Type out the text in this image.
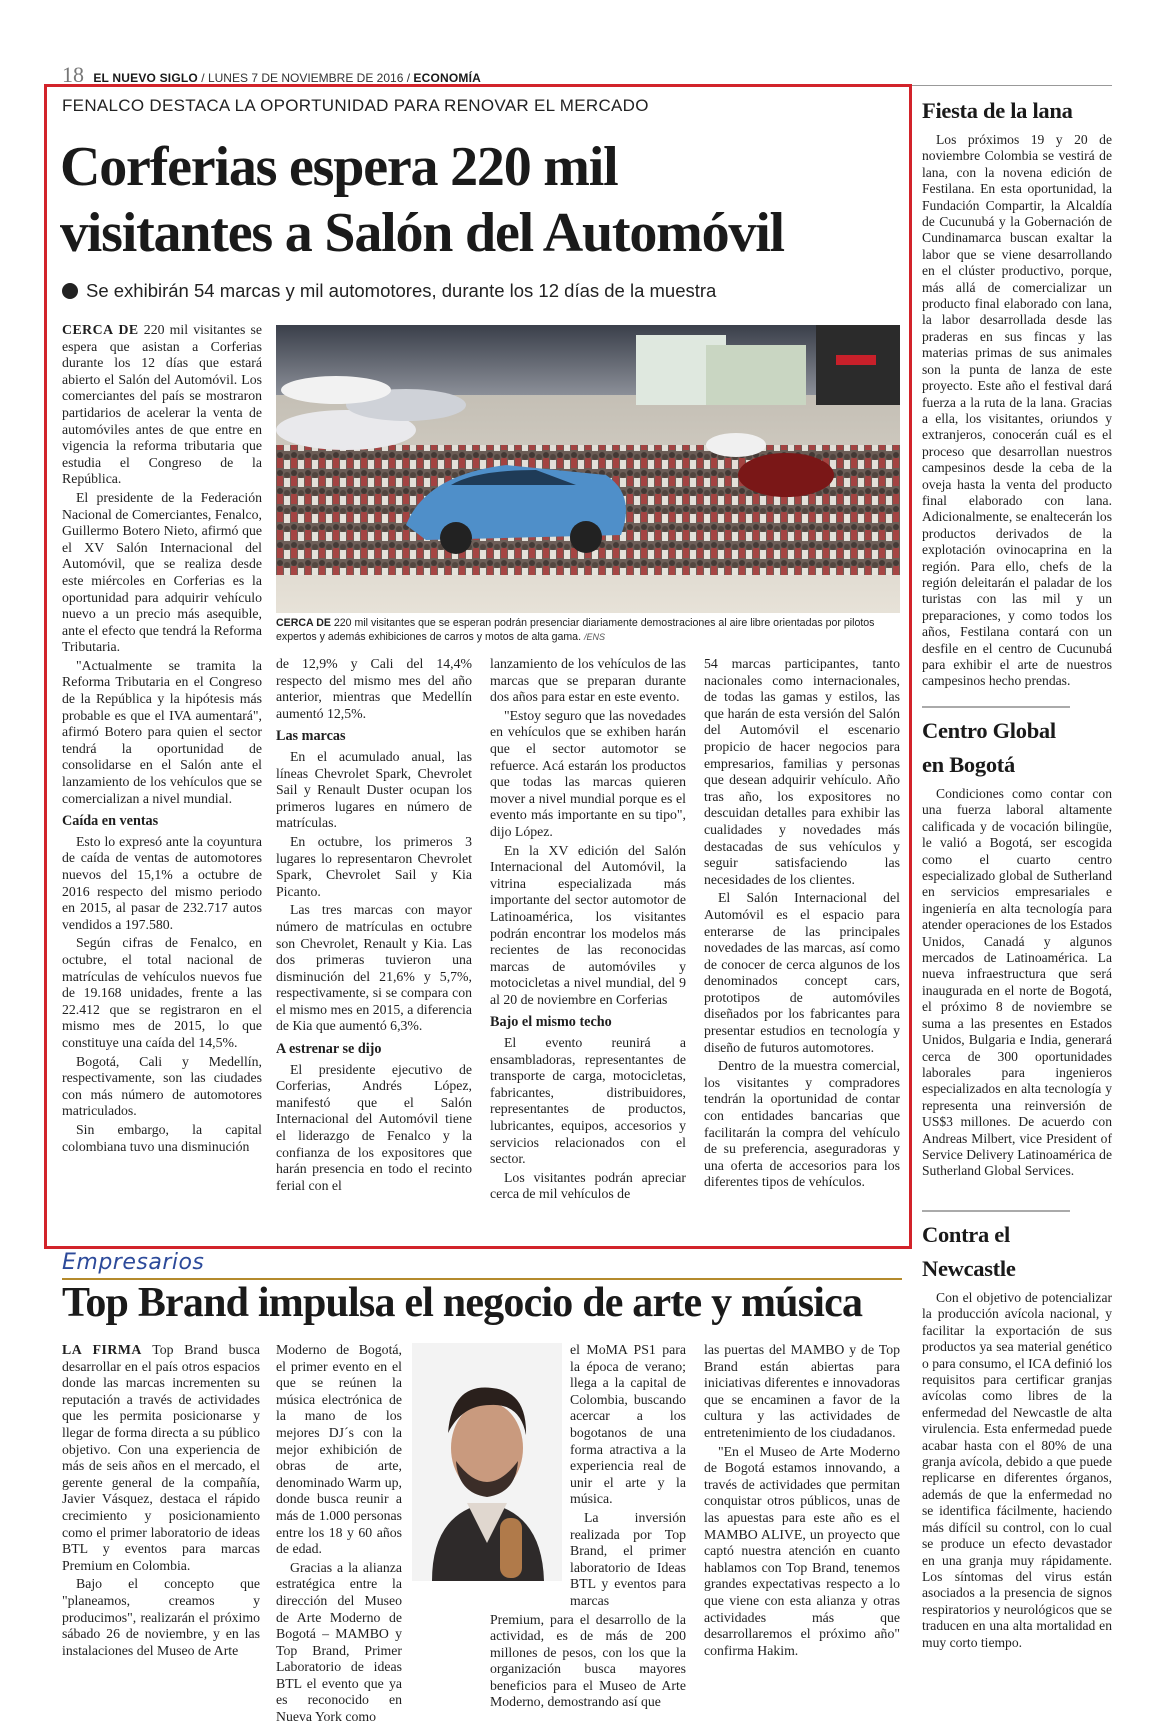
18 EL NUEVO SIGLO / LUNES 7 DE NOVIEMBRE DE 2016 / ECONOMÍA
FENALCO DESTACA LA OPORTUNIDAD PARA RENOVAR EL MERCADO
Corferias espera 220 mil
visitantes a Salón del Automóvil
Se exhibirán 54 marcas y mil automotores, durante los 12 días de la muestra

CERCA DE 220 mil visitantes se espera que asistan a Corferias durante los 12 días que estará abierto el Salón del Automóvil. Los comerciantes del país se mostraron partidarios de acelerar la venta de automóviles antes de que entre en vigencia la reforma tributaria que estudia el Congreso de la República.

El presidente de la Federación Nacional de Comerciantes, Fenalco, Guillermo Botero Nieto, afirmó que el XV Salón Internacional del Automóvil, que se realiza desde este miércoles en Corferias es la oportunidad para adquirir vehículo nuevo a un precio más asequible, ante el efecto que tendrá la Reforma Tributaria.

"Actualmente se tramita la Reforma Tributaria en el Congreso de la República y la hipótesis más probable es que el IVA aumentará", afirmó Botero para quien el sector tendrá la oportunidad de consolidarse en el Salón ante el lanzamiento de los vehículos que se comercializan a nivel mundial.

Caída en ventas

Esto lo expresó ante la coyuntura de caída de ventas de automotores nuevos del 15,1% a octubre de 2016 respecto del mismo periodo en 2015, al pasar de 232.717 autos vendidos a 197.580.

Según cifras de Fenalco, en octubre, el total nacional de matrículas de vehículos nuevos fue de 19.168 unidades, frente a las 22.412 que se registraron en el mismo mes de 2015, lo que constituye una caída del 14,5%.

Bogotá, Cali y Medellín, respectivamente, son las ciudades con más número de automotores matriculados.

Sin embargo, la capital colombiana tuvo una disminución

CERCA DE 220 mil visitantes que se esperan podrán presenciar diariamente demostraciones al aire libre orientadas por pilotos expertos y además exhibiciones de carros y motos de alta gama. /ENS

de 12,9% y Cali del 14,4% respecto del mismo mes del año anterior, mientras que Medellín aumentó 12,5%.

Las marcas

En el acumulado anual, las líneas Chevrolet Spark, Chevrolet Sail y Renault Duster ocupan los primeros lugares en número de matrículas.

En octubre, los primeros 3 lugares lo representaron Chevrolet Spark, Chevrolet Sail y Kia Picanto.

Las tres marcas con mayor número de matrículas en octubre son Chevrolet, Renault y Kia. Las dos primeras tuvieron una disminución del 21,6% y 5,7%, respectivamente, si se compara con el mismo mes en 2015, a diferencia de Kia que aumentó 6,3%.

A estrenar se dijo

El presidente ejecutivo de Corferias, Andrés López, manifestó que el Salón Internacional del Automóvil tiene el liderazgo de Fenalco y la confianza de los expositores que harán presencia en todo el recinto ferial con el

lanzamiento de los vehículos de las marcas que se preparan durante dos años para estar en este evento.

"Estoy seguro que las novedades en vehículos que se exhiben harán que el sector automotor se refuerce. Acá estarán los productos que todas las marcas quieren mover a nivel mundial porque es el evento más importante en su tipo", dijo López.

En la XV edición del Salón Internacional del Automóvil, la vitrina especializada más importante del sector automotor de Latinoamérica, los visitantes podrán encontrar los modelos más recientes de las reconocidas marcas de automóviles y motocicletas a nivel mundial, del 9 al 20 de noviembre en Corferias

Bajo el mismo techo

El evento reunirá a ensambladoras, representantes de transporte de carga, motocicletas, fabricantes, distribuidores, representantes de productos, lubricantes, equipos, accesorios y servicios relacionados con el sector.

Los visitantes podrán apreciar cerca de mil vehículos de

54 marcas participantes, tanto nacionales como internacionales, de todas las gamas y estilos, las que harán de esta versión del Salón del Automóvil el escenario propicio de hacer negocios para empresarios, familias y personas que desean adquirir vehículo. Año tras año, los expositores no descuidan detalles para exhibir las cualidades y novedades más destacadas de sus vehículos y seguir satisfaciendo las necesidades de los clientes.

El Salón Internacional del Automóvil es el espacio para enterarse de las principales novedades de las marcas, así como de conocer de cerca algunos de los denominados concept cars, prototipos de automóviles diseñados por los fabricantes para presentar estudios en tecnología y diseño de futuros automotores.

Dentro de la muestra comercial, los visitantes y compradores tendrán la oportunidad de contar con entidades bancarias que facilitarán la compra del vehículo de su preferencia, aseguradoras y una oferta de accesorios para los diferentes tipos de vehículos.

Fiesta de la lana

Los próximos 19 y 20 de noviembre Colombia se vestirá de lana, con la novena edición de Festilana. En esta oportunidad, la Fundación Compartir, la Alcaldía de Cucunubá y la Gobernación de Cundinamarca buscan exaltar la labor que se viene desarrollando en el clúster productivo, porque, más allá de comercializar un producto final elaborado con lana, la labor desarrollada desde las praderas en sus fincas y las materias primas de sus animales son la punta de lanza de este proyecto. Este año el festival dará fuerza a la ruta de la lana. Gracias a ella, los visitantes, oriundos y extranjeros, conocerán cuál es el proceso que desarrollan nuestros campesinos desde la ceba de la oveja hasta la venta del producto final elaborado con lana. Adicionalmente, se enaltecerán los productos derivados de la explotación ovinocaprina en la región. Para ello, chefs de la región deleitarán el paladar de los turistas con las mil y un preparaciones, y como todos los años, Festilana contará con un desfile en el centro de Cucunubá para exhibir el arte de nuestros campesinos hecho prendas.

Centro Global
en Bogotá

Condiciones como contar con una fuerza laboral altamente calificada y de vocación bilingüe, le valió a Bogotá, ser escogida como el cuarto centro especializado global de Sutherland en servicios empresariales e ingeniería en alta tecnología para atender operaciones de los Estados Unidos, Canadá y algunos mercados de Latinoamérica. La nueva infraestructura que será inaugurada en el norte de Bogotá, el próximo 8 de noviembre se suma a las presentes en Estados Unidos, Bulgaria e India, generará cerca de 300 oportunidades laborales para ingenieros especializados en alta tecnología y representa una reinversión de US$3 millones. De acuerdo con Andreas Milbert, vice President of Service Delivery Latinoamérica de Sutherland Global Services.

Contra el
Newcastle

Con el objetivo de potencializar la producción avícola nacional, y facilitar la exportación de sus productos ya sea material genético o para consumo, el ICA definió los requisitos para certificar granjas avícolas como libres de la enfermedad del Newcastle de alta virulencia. Esta enfermedad puede acabar hasta con el 80% de una granja avícola, debido a que puede replicarse en diferentes órganos, además de que la enfermedad no se identifica fácilmente, haciendo más difícil su control, con lo cual se produce un efecto devastador en una granja muy rápidamente. Los síntomas del virus están asociados a la presencia de signos respiratorios y neurológicos que se traducen en una alta mortalidad en muy corto tiempo.

Empresarios
Top Brand impulsa el negocio de arte y música

LA FIRMA Top Brand busca desarrollar en el país otros espacios donde las marcas incrementen su reputación a través de actividades que les permita posicionarse y llegar de forma directa a su público objetivo. Con una experiencia de más de seis años en el mercado, el gerente general de la compañía, Javier Vásquez, destaca el rápido crecimiento y posicionamiento como el primer laboratorio de ideas BTL y eventos para marcas Premium en Colombia.

Bajo el concepto que "planeamos, creamos y producimos", realizarán el próximo sábado 26 de noviembre, y en las instalaciones del Museo de Arte

Moderno de Bogotá, el primer evento en el que se reúnen la música electrónica de la mano de los mejores DJ´s con la mejor exhibición de obras de arte, denominado Warm up, donde busca reunir a más de 1.000 personas entre los 18 y 60 años de edad.

Gracias a la alianza estratégica entre la dirección del Museo de Arte Moderno de Bogotá – MAMBO y Top Brand, Primer Laboratorio de ideas BTL el evento que ya es reconocido en Nueva York como

el MoMA PS1 para la época de verano; llega a la capital de Colombia, buscando acercar a los bogotanos de una forma atractiva a la experiencia real de unir el arte y la música.

La inversión realizada por Top Brand, el primer laboratorio de Ideas BTL y eventos para marcas

Premium, para el desarrollo de la actividad, es de más de 200 millones de pesos, con los que la organización busca mayores beneficios para el Museo de Arte Moderno, demostrando así que

las puertas del MAMBO y de Top Brand están abiertas para iniciativas diferentes e innovadoras que se encaminen a favor de la cultura y las actividades de entretenimiento de los ciudadanos.

"En el Museo de Arte Moderno de Bogotá estamos innovando, a través de actividades que permitan conquistar otros públicos, unas de las apuestas para este año es el MAMBO ALIVE, un proyecto que captó nuestra atención en cuanto hablamos con Top Brand, tenemos grandes expectativas respecto a lo que viene con esta alianza y otras actividades más que desarrollaremos el próximo año" confirma Hakim.
